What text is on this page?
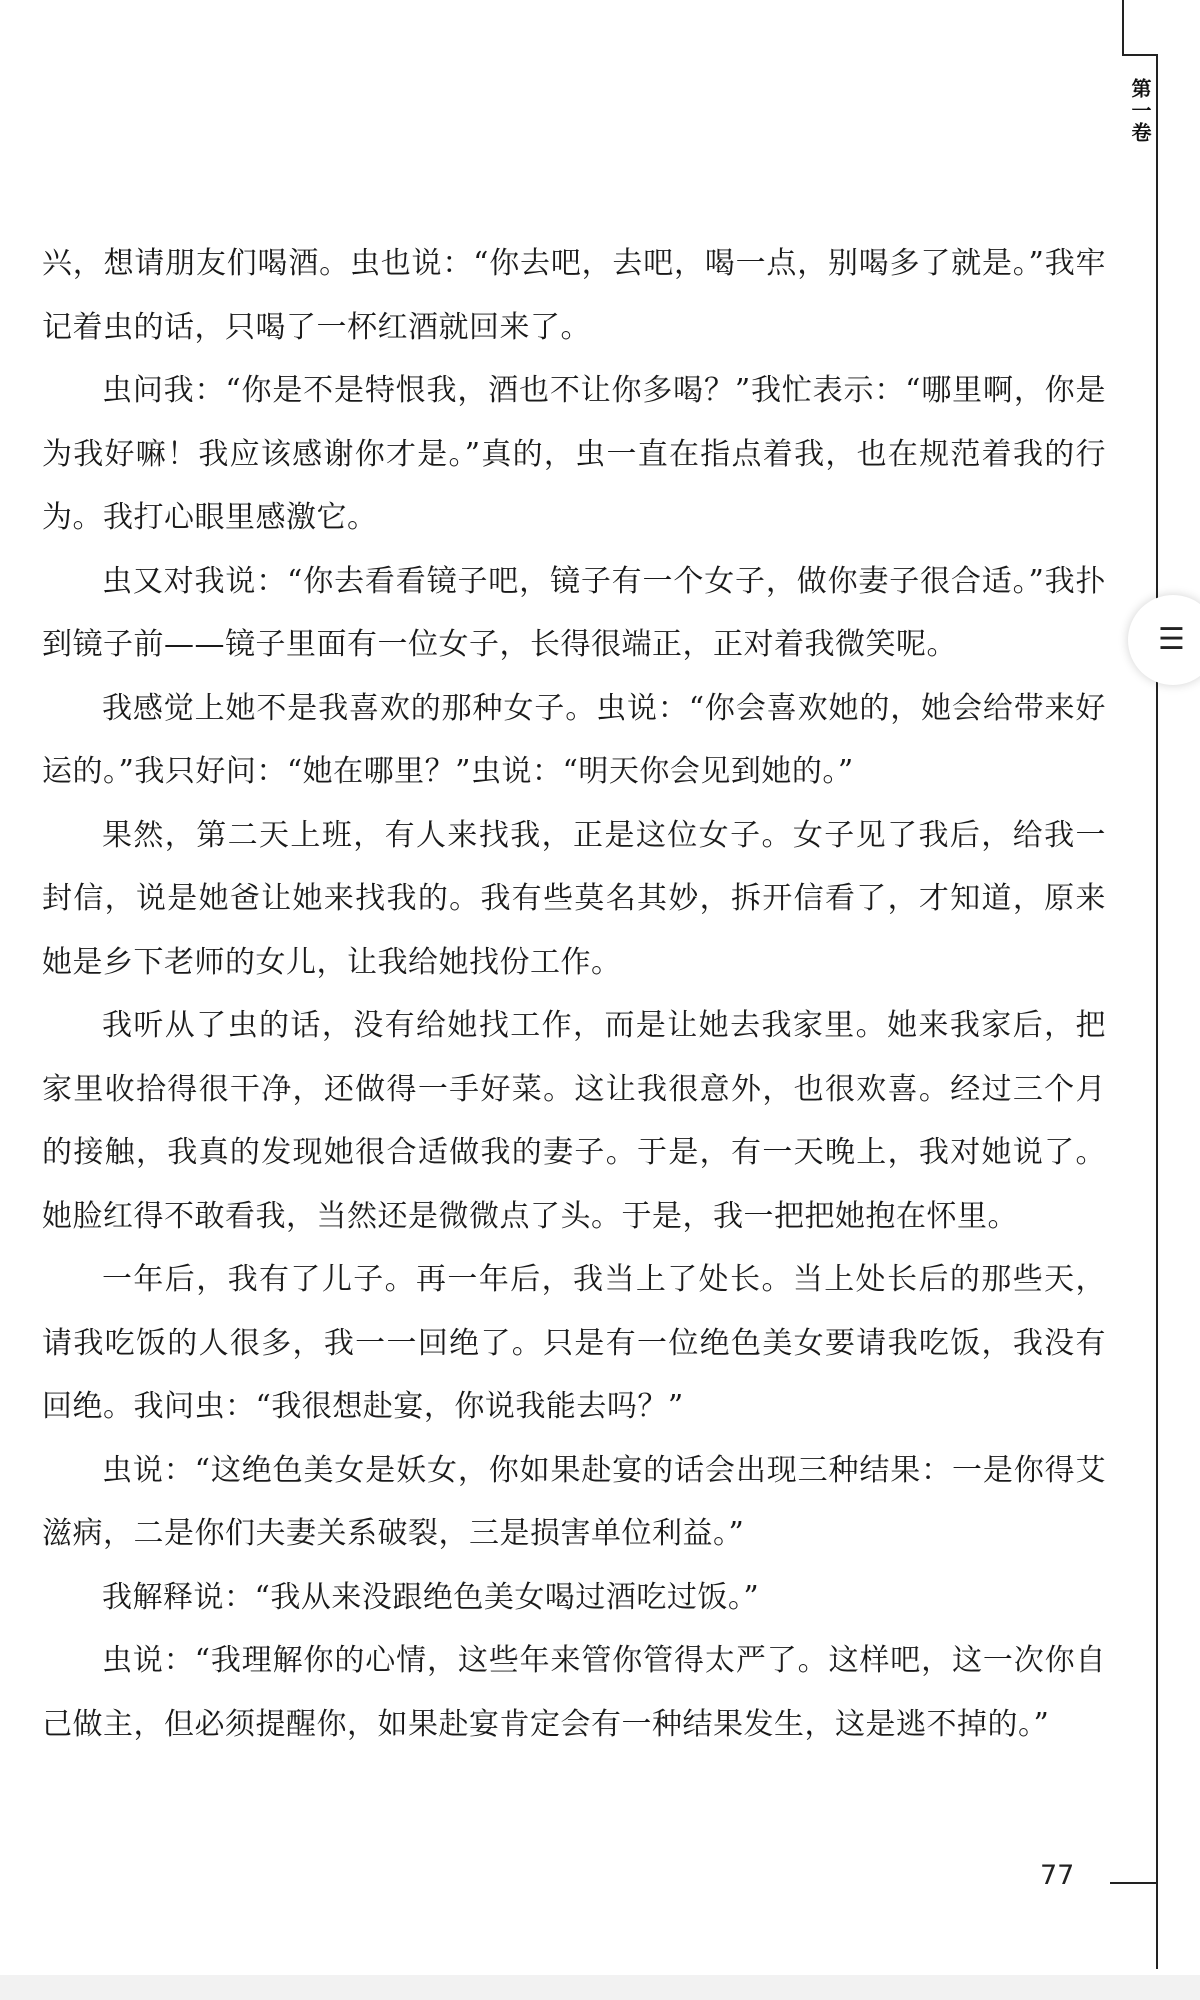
第一卷

兴，想请朋友们喝酒。虫也说：“你去吧，去吧，喝一点，别喝多了就是。”我牢记着虫的话，只喝了一杯红酒就回来了。

虫问我：“你是不是特恨我，酒也不让你多喝？”我忙表示：“哪里啊，你是为我好嘛！我应该感谢你才是。”真的，虫一直在指点着我，也在规范着我的行为。我打心眼里感激它。

虫又对我说：“你去看看镜子吧，镜子有一个女子，做你妻子很合适。”我扑到镜子前——镜子里面有一位女子，长得很端正，正对着我微笑呢。

我感觉上她不是我喜欢的那种女子。虫说：“你会喜欢她的，她会给带来好运的。”我只好问：“她在哪里？”虫说：“明天你会见到她的。”

果然，第二天上班，有人来找我，正是这位女子。女子见了我后，给我一封信，说是她爸让她来找我的。我有些莫名其妙，拆开信看了，才知道，原来她是乡下老师的女儿，让我给她找份工作。

我听从了虫的话，没有给她找工作，而是让她去我家里。她来我家后，把家里收拾得很干净，还做得一手好菜。这让我很意外，也很欢喜。经过三个月的接触，我真的发现她很合适做我的妻子。于是，有一天晚上，我对她说了。她脸红得不敢看我，当然还是微微点了头。于是，我一把把她抱在怀里。

一年后，我有了儿子。再一年后，我当上了处长。当上处长后的那些天，请我吃饭的人很多，我一一回绝了。只是有一位绝色美女要请我吃饭，我没有回绝。我问虫：“我很想赴宴，你说我能去吗？”

虫说：“这绝色美女是妖女，你如果赴宴的话会出现三种结果：一是你得艾滋病，二是你们夫妻关系破裂，三是损害单位利益。”

我解释说：“我从来没跟绝色美女喝过酒吃过饭。”

虫说：“我理解你的心情，这些年来管你管得太严了。这样吧，这一次你自己做主，但必须提醒你，如果赴宴肯定会有一种结果发生，这是逃不掉的。”

77
☰
